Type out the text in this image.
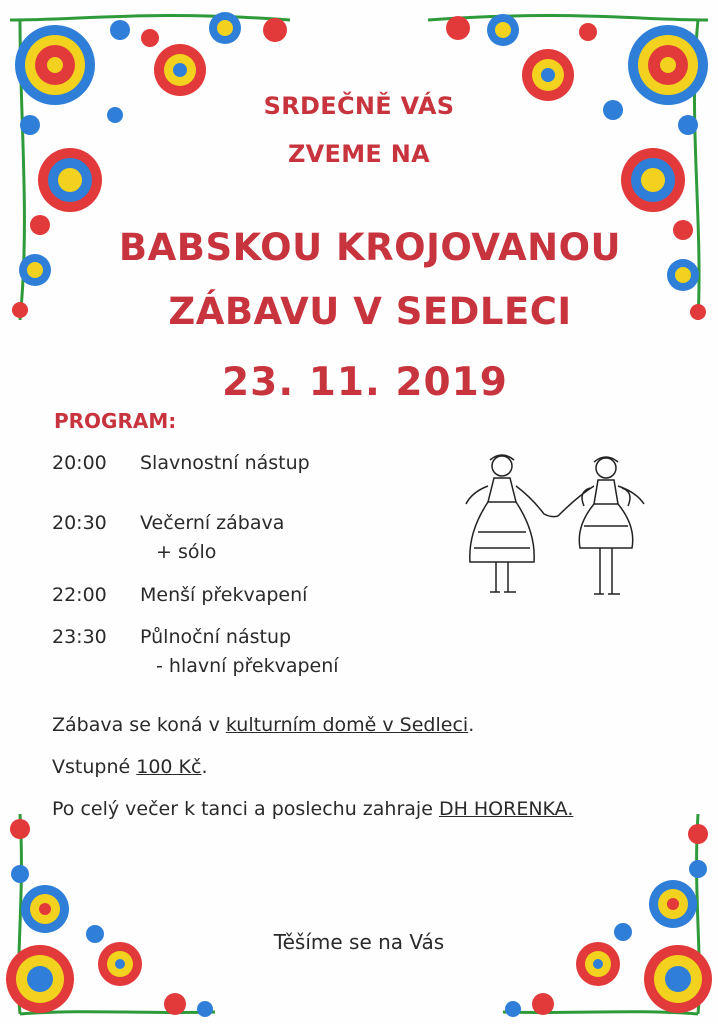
SRDEČNĚ VÁS
ZVEME NA
BABSKOU KROJOVANOU
ZÁBAVU V SEDLECI
23. 11. 2019
PROGRAM:
20:00 Slavnostní nástup
20:30 Večerní zábava
+ sólo
22:00 Menší překvapení
23:30 Půlnoční nástup
- hlavní překvapení
Zábava se koná v kulturním domě v Sedleci.
Vstupné 100 Kč.
Po celý večer k tanci a poslechu zahraje DH HORENKA.
Těšíme se na Vás
